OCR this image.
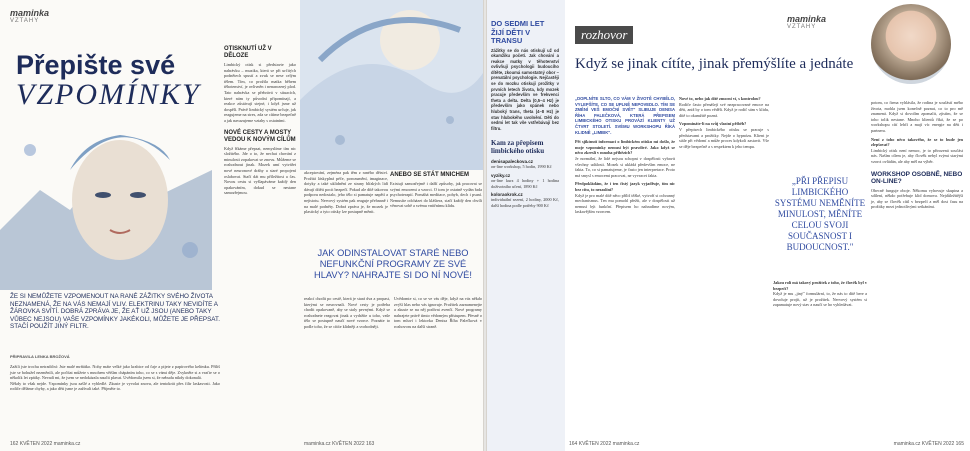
maminka
VZTAHY
Přepište své
VZPOMÍNKY
ŽE SI NEMŮŽETE VZPOMENOUT NA RANÉ ZÁŽITKY SVÉHO ŽIVOTA NEZNAMENÁ, ŽE NA VÁS NEMAJÍ VLIV. ELEKTRINU TAKY NEVIDÍTE A ŽÁROVKA SVÍTÍ. DOBRÁ ZPRÁVA JE, ŽE AŤ UŽ JSOU (ANEBO TAKY VŮBEC NEJSOU) VAŠE VZPOMÍNKY JAKÉKOLI, MŮŽETE JE PŘEPSAT. STAČÍ POUŽÍT JINÝ FILTR.
PŘIPRAVILA LENKA BROŽOVÁ

Zažili jste trochu netradiční: Jste malé mrňátko. Nohy máte velké jako krabice od čaje a pijete z papírového kelímku. Příliš jste se bohužel nezměnili, ale počítat můžete s mnohem větším chápáním toho, co se s vámi děje. Zvykněte si a vraťte se o několik let zpátky. Nevadí mi, že jsem se nedokázala naučit plavat. Uvědomila jsem si, že nebudu nikdy dokonalá.

Někdy to však nejde. Vzpomínky jsou zašlé a vybledlé. Zkuste je vyvolat znovu, ale tentokrát přes filtr laskavosti. Jako rodiče děláme chyby, a jako děti jsme je zažívali také. Přijměte to.

OTISKNUTÍ UŽ V DĚLOZE

Limbický otisk si představte jako nahrávku – muzika, která se při určitých podnětech spustí a zvuk se nese celým tělem. Tím, co prožila matka během těhotenství, je ovlivněn i nenarozený plod. Tato nahrávka se přehrává v situacích, které nám ty původní připomínají, a reakce zůstávají stejné, i když jsme už dospělí. Právě limbický systém určuje, jak reagujeme na stres, zda se cítíme bezpečně a jak navazujeme vztahy s ostatními.

NOVÉ CESTY A MOSTY VEDOU K NOVÝM CÍLŮM

Když říkáme přepsat, nemyslíme tím nic složitého. Jde o to, že nechat chování z minulosti zopakovat se znovu. Můžeme se rozhodnout jinak. Mozek umí vytvářet nové neuronové dráhy a staré propojení oslabovat. Stačí dát mu příležitost a čas. Novou cestu si vyšlapáváme každý den opakováním, dokud se nestane samozřejmou.

162 KVĚTEN 2022 maminka.cz
ANEBO SE STÁT MNICHEM

Existují samozřejmě i další způsoby, jak pracovat se svými emocemi a vzorci. O tom je ostatně vydán řada psychoterapií. Pomáhá meditace, pohyb, dech i psaní. Nemusíte odcházet do kláštera, stačí každý den chvíli věnovat sobě a svému vnitřnímu klidu.

akceptování, zejména pak těm z raného dětství. Prožitá láskyplná péče, porozumění, imaginace, dotyky a také uklidnění ze strany blízkých lidí dávají dítěti pocit bezpečí. Pokud ale dítě takovou podporu nedostalo, jeho tělo si pamatuje napětí a nejistotu. Nervový systém pak reaguje přehnaně i na malé podněty. Dobrá zpráva je, že mozek je plastický a tyto otisky lze postupně měnit.

JAK ODINSTALOVAT STARÉ NEBO NEFUNKČNÍ PROGRAMY ZE SVÉ HLAVY? NAHRAJTE SI DO NÍ NOVÉ!

reakcí chodit po cestě, která je stará dva a propast, kterými se nesrovnali. Nové cesty je potřeba chodit opakovaně, aby se staly pevnými. Když se rozhodnete reagovat jinak a vydržíte u toho, vaše tělo se postupně naučí nové vzorce. Poznáte to podle toho, že se cítíte klidněji a svobodněji.

Uvědomte si, co se ve vás děje, když na vás někdo zvýší hlas nebo vás ignoruje. Prožitek zaznamenejte a zkuste se na něj podívat zvenčí. Nové programy nahrajete právě tímto vědomým přístupem. Přesně o tom mluví i lektorka Denisa Říha Palečková v rozhovoru na další straně.

maminka.cz KVĚTEN 2022 163
DO SEDMI LET ŽIJÍ DĚTI V TRANSU

Zážitky se do nás otiskují už od okamžiku početí. Jak chování a reakce matky v těhotenství ovlivňují psychologii budoucího dítěte, zkoumá samostatný obor – prenatální psychologie. Nejčastěji se do mozku otiskují prožitky v prvních letech života, kdy mozek pracuje především ve frekvenci theta a delta. Delta (0,5–4 Hz) je především jako spánek nebo hluboký trans, theta (4–8 Hz) je stav hlubokého uvolnění. Děti do sedmi let tak vše vstřebávají bez filtru.

Kam za přepisem limbického otisku
denisapaleckova.cz

on-line workshop, 5 hodin, 1990 Kč

vyziky.cz

on-line kurz 4 hodiny + 1 hodina doživotního učení, 1890 Kč

koloraokrok.cz

individuální sezení, 2 hodiny, 2000 Kč, další hodina podle potřeby 900 Kč

rozhovor
maminka
VZTAHY
Když se jinak cítíte, jinak přemýšlíte a jednáte

„DOPLNÍTE SLTO, CO VÁM V ŽIVOTĚ CHYBĚLO, VYLEPŠÍTE, CO SE UPLNĚ NEPOVEDLO. TÍM SE ZMĚNÍ VEŠ EMOČNÍ SVĚT" SLIBUJE DENISA ŘÍHA PALEČKOVÁ, KTERÁ PŘEPISEM LIMBICKÉHO OTISKU PROVÁZÍ KLIENTY UŽ ČTVRT STOLETÍ. SVÉMU WORKSHOPU ŘÍKÁ KLIDNĚ „LIMBIK".

Při sjiktnutí informací o limbickém otisku mi došlo, že moje vzpomínky nemusí být pravdivé. Jako když se něco zkreslí v mnoha příbězích?

Je normální, že lidé nejsou schopni v dospělosti vybavit všechny události. Mozek si ukládá především emoce, ne fakta. To, co si pamatujeme, je často jen interpretace. Proto má smysl s emocemi pracovat, ne vyvracet fakta.

Předpokládám, že i ten čistý jazyk vyjadřuje, tím nic bez citu, to nezaslíní?

Když je pro malé dítě něco příliš těžké, vytvoří si ochranný mechanismus. Ten mu pomohl přežít, ale v dospělosti už nemusí být funkční. Přepisem ho nahradíme novým, laskavějším vzorcem.

Nové to, nebo jak dítě zmocní ví, s kontrolou?

Rodiče často přenášejí své nezpracované emoce na děti, aniž by o tom věděli. Když je rodič sám v klidu, dítě to okamžitě pozná.

Vzpomínáte-li na svůj vlastní příběh?

V přepisech limbického otisku se pracuje s představami a prožitky. Nejde o hypnózu. Klient je stále při vědomí a může proces kdykoli zastavit. Vše se děje bezpečně a s respektem k jeho tempu.

„PŘI PŘEPISU LIMBICKÉHO SYSTÉMU NEMĚNÍTE MINULOST, MĚNÍTE CELOU SVOJI SOUČASNOST I BUDOUCNOST."

Jakou roli má takový prožitek z toho, že člověk byl v bezpečí?

Když je mu „jiný" formulární, to, že nás to dítě bere a dovoluje projít, už je prožitek. Nervový systém si zapamatuje nový stav a naučí se ho vyhledávat.

potom, co firma vyhlásila, že rodina je součástí mého života, mohla jsem konečně poznat, co to pro mě znamená. Když si dovolím zpomalit, zjistím, že se toho tolik nestane. Mnoho klientů říká, že se po workshopu cítí lehčí a mají víc energie na děti i partnera.

Není z toho něco takového, že se to bude jen zlepšovat?

Limbický otisk není nemoc, je to přirozená součást nás. Naším cílem je, aby člověk nebyl svými starými vzorci ovládán, ale aby měl na výběr.

WORKSHOP OSOBNĚ, NEBO ON-LINE?

Obecně funguje oboje. Někomu vyhovuje skupina a sdílení, někdo potřebuje klid domova. Nejdůležitější je, aby se člověk cítil v bezpečí a měl dost času na prožitky mezi jednotlivými setkáními.

164 KVĚTEN 2022 maminka.cz	maminka.cz KVĚTEN 2022 165
